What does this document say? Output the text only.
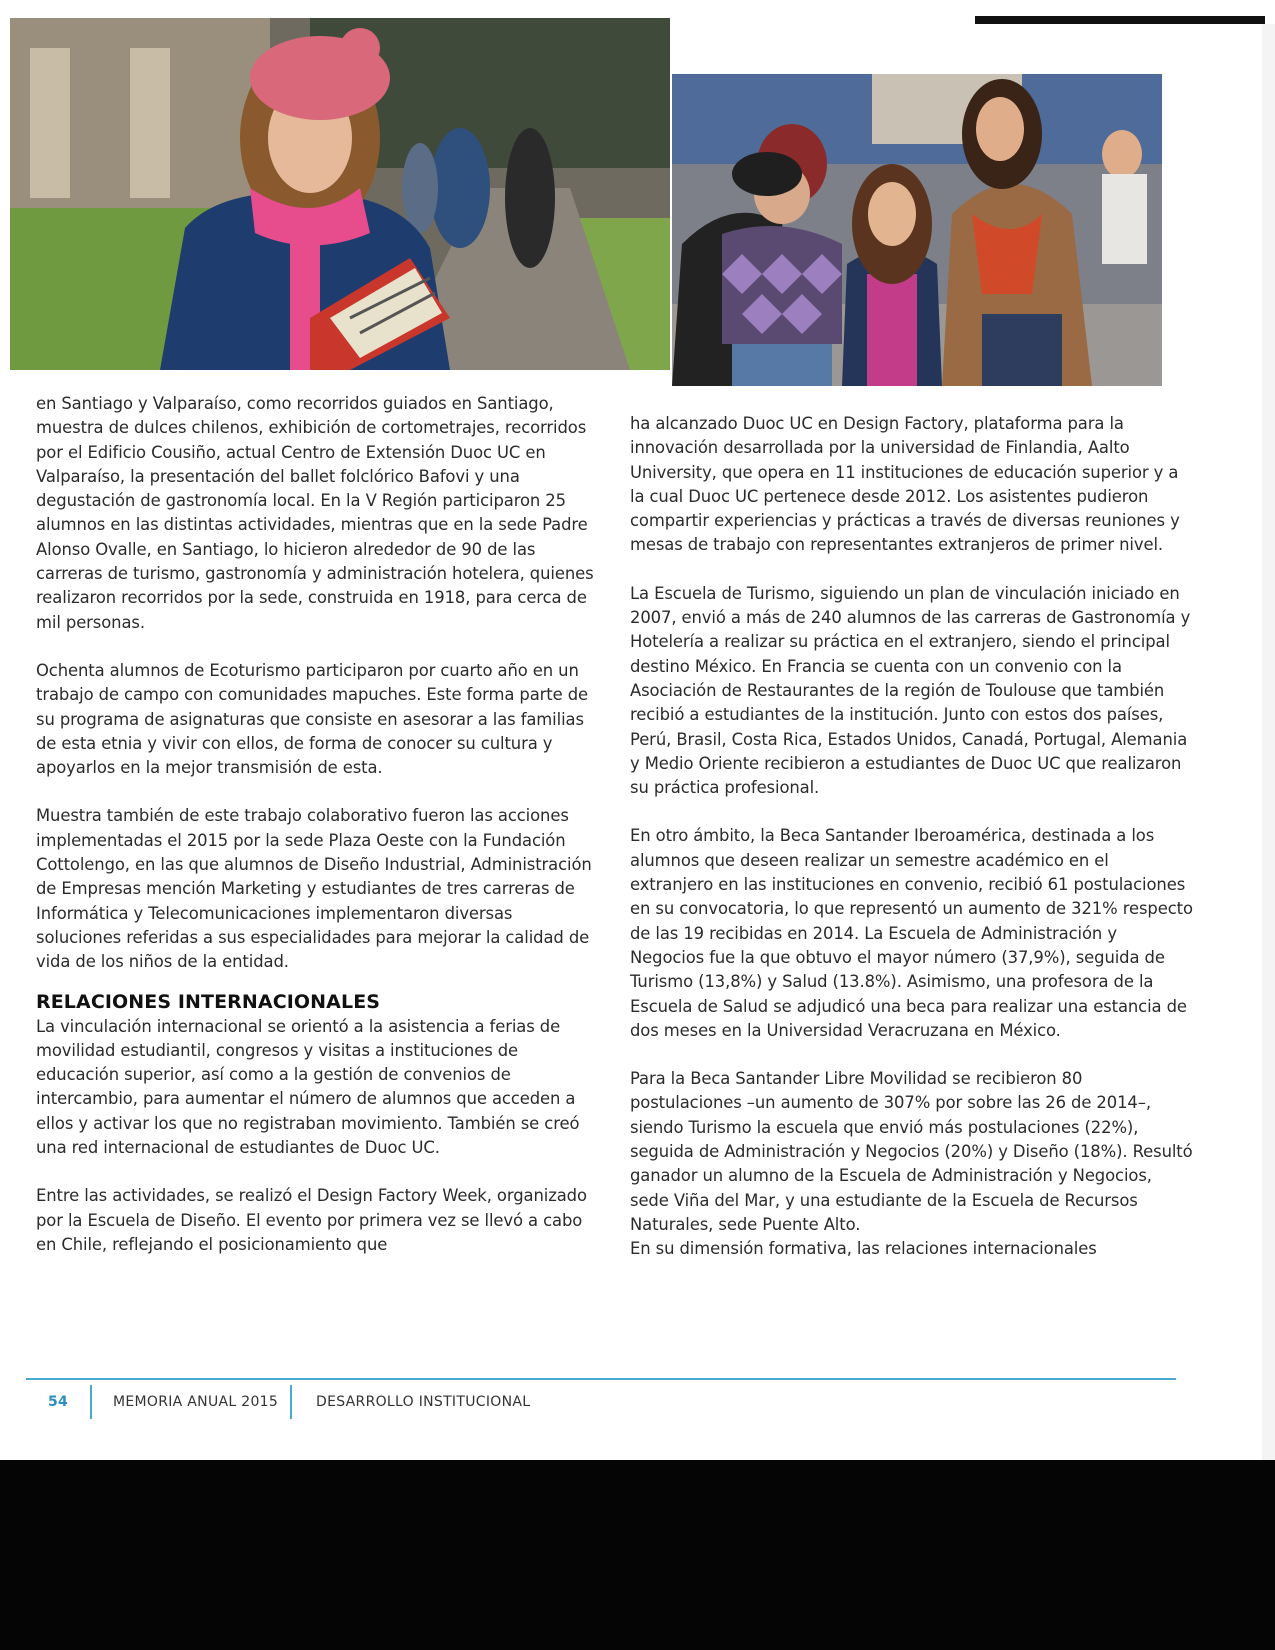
en Santiago y Valparaíso, como recorridos guiados en Santiago, muestra de dulces chilenos, exhibición de cortometrajes, recorridos por el Edificio Cousiño, actual Centro de Extensión Duoc UC en Valparaíso, la presentación del ballet folclórico Bafovi y una degustación de gastronomía local. En la V Región participaron 25 alumnos en las distintas actividades, mientras que en la sede Padre Alonso Ovalle, en Santiago, lo hicieron alrededor de 90 de las carreras de turismo, gastronomía y administración hotelera, quienes realizaron recorridos por la sede, construida en 1918, para cerca de mil personas.

Ochenta alumnos de Ecoturismo participaron por cuarto año en un trabajo de campo con comunidades mapuches. Este forma parte de su programa de asignaturas que consiste en asesorar a las familias de esta etnia y vivir con ellos, de forma de conocer su cultura y apoyarlos en la mejor transmisión de esta.

Muestra también de este trabajo colaborativo fueron las acciones implementadas el 2015 por la sede Plaza Oeste con la Fundación Cottolengo, en las que alumnos de Diseño Industrial, Administración de Empresas mención Marketing y estudiantes de tres carreras de Informática y Telecomunicaciones implementaron diversas soluciones referidas a sus especialidades para mejorar la calidad de vida de los niños de la entidad.

RELACIONES INTERNACIONALES

La vinculación internacional se orientó a la asistencia a ferias de movilidad estudiantil, congresos y visitas a instituciones de educación superior, así como a la gestión de convenios de intercambio, para aumentar el número de alumnos que acceden a ellos y activar los que no registraban movimiento. También se creó una red internacional de estudiantes de Duoc UC.

Entre las actividades, se realizó el Design Factory Week, organizado por la Escuela de Diseño. El evento por primera vez se llevó a cabo en Chile, reflejando el posicionamiento que

ha alcanzado Duoc UC en Design Factory, plataforma para la innovación desarrollada por la universidad de Finlandia, Aalto University, que opera en 11 instituciones de educación superior y a la cual Duoc UC pertenece desde 2012. Los asistentes pudieron compartir experiencias y prácticas a través de diversas reuniones y mesas de trabajo con representantes extranjeros de primer nivel.

La Escuela de Turismo, siguiendo un plan de vinculación iniciado en 2007, envió a más de 240 alumnos de las carreras de Gastronomía y Hotelería a realizar su práctica en el extranjero, siendo el principal destino México. En Francia se cuenta con un convenio con la Asociación de Restaurantes de la región de Toulouse que también recibió a estudiantes de la institución. Junto con estos dos países, Perú, Brasil, Costa Rica, Estados Unidos, Canadá, Portugal, Alemania y Medio Oriente recibieron a estudiantes de Duoc UC que realizaron su práctica profesional.

En otro ámbito, la Beca Santander Iberoamérica, destinada a los alumnos que deseen realizar un semestre académico en el extranjero en las instituciones en convenio, recibió 61 postulaciones en su convocatoria, lo que representó un aumento de 321% respecto de las 19 recibidas en 2014. La Escuela de Administración y Negocios fue la que obtuvo el mayor número (37,9%), seguida de Turismo (13,8%) y Salud (13.8%). Asimismo, una profesora de la Escuela de Salud se adjudicó una beca para realizar una estancia de dos meses en la Universidad Veracruzana en México.

Para la Beca Santander Libre Movilidad se recibieron 80 postulaciones –un aumento de 307% por sobre las 26 de 2014–, siendo Turismo la escuela que envió más postulaciones (22%), seguida de Administración y Negocios (20%) y Diseño (18%). Resultó ganador un alumno de la Escuela de Administración y Negocios, sede Viña del Mar, y una estudiante de la Escuela de Recursos Naturales, sede Puente Alto.

En su dimensión formativa, las relaciones internacionales

54	MEMORIA ANUAL 2015	DESARROLLO INSTITUCIONAL
